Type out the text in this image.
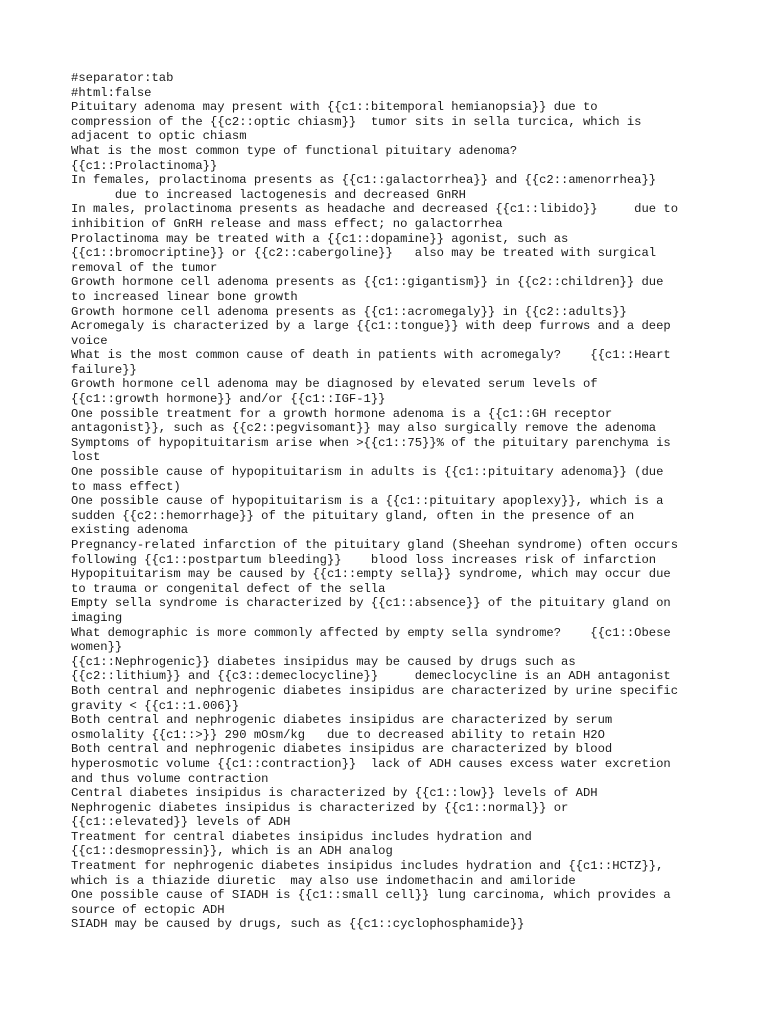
#separator:tab
#html:false
Pituitary adenoma may present with {{c1::bitemporal hemianopsia}} due to
compression of the {{c2::optic chiasm}}  tumor sits in sella turcica, which is
adjacent to optic chiasm
What is the most common type of functional pituitary adenoma?
{{c1::Prolactinoma}}
In females, prolactinoma presents as {{c1::galactorrhea}} and {{c2::amenorrhea}}
due to increased lactogenesis and decreased GnRH
In males, prolactinoma presents as headache and decreased {{c1::libido}}     due to
inhibition of GnRH release and mass effect; no galactorrhea
Prolactinoma may be treated with a {{c1::dopamine}} agonist, such as
{{c1::bromocriptine}} or {{c2::cabergoline}}   also may be treated with surgical
removal of the tumor
Growth hormone cell adenoma presents as {{c1::gigantism}} in {{c2::children}} due
to increased linear bone growth
Growth hormone cell adenoma presents as {{c1::acromegaly}} in {{c2::adults}}
Acromegaly is characterized by a large {{c1::tongue}} with deep furrows and a deep
voice
What is the most common cause of death in patients with acromegaly?    {{c1::Heart
failure}}
Growth hormone cell adenoma may be diagnosed by elevated serum levels of
{{c1::growth hormone}} and/or {{c1::IGF-1}}
One possible treatment for a growth hormone adenoma is a {{c1::GH receptor
antagonist}}, such as {{c2::pegvisomant}} may also surgically remove the adenoma
Symptoms of hypopituitarism arise when >{{c1::75}}% of the pituitary parenchyma is
lost
One possible cause of hypopituitarism in adults is {{c1::pituitary adenoma}} (due
to mass effect)
One possible cause of hypopituitarism is a {{c1::pituitary apoplexy}}, which is a
sudden {{c2::hemorrhage}} of the pituitary gland, often in the presence of an
existing adenoma
Pregnancy-related infarction of the pituitary gland (Sheehan syndrome) often occurs
following {{c1::postpartum bleeding}}    blood loss increases risk of infarction
Hypopituitarism may be caused by {{c1::empty sella}} syndrome, which may occur due
to trauma or congenital defect of the sella
Empty sella syndrome is characterized by {{c1::absence}} of the pituitary gland on
imaging
What demographic is more commonly affected by empty sella syndrome?    {{c1::Obese
women}}
{{c1::Nephrogenic}} diabetes insipidus may be caused by drugs such as
{{c2::lithium}} and {{c3::demeclocycline}}     demeclocycline is an ADH antagonist
Both central and nephrogenic diabetes insipidus are characterized by urine specific
gravity < {{c1::1.006}}
Both central and nephrogenic diabetes insipidus are characterized by serum
osmolality {{c1::>}} 290 mOsm/kg   due to decreased ability to retain H2O
Both central and nephrogenic diabetes insipidus are characterized by blood
hyperosmotic volume {{c1::contraction}}  lack of ADH causes excess water excretion
and thus volume contraction
Central diabetes insipidus is characterized by {{c1::low}} levels of ADH
Nephrogenic diabetes insipidus is characterized by {{c1::normal}} or
{{c1::elevated}} levels of ADH
Treatment for central diabetes insipidus includes hydration and
{{c1::desmopressin}}, which is an ADH analog
Treatment for nephrogenic diabetes insipidus includes hydration and {{c1::HCTZ}},
which is a thiazide diuretic  may also use indomethacin and amiloride
One possible cause of SIADH is {{c1::small cell}} lung carcinoma, which provides a
source of ectopic ADH
SIADH may be caused by drugs, such as {{c1::cyclophosphamide}}
